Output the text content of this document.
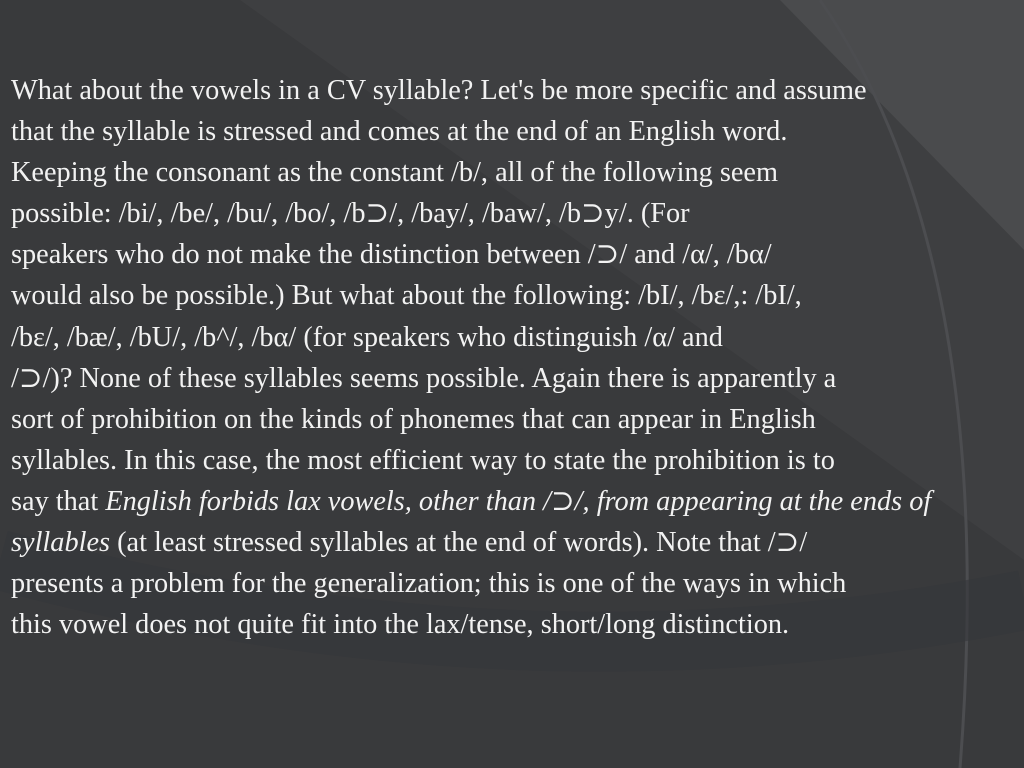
What about the vowels in a CV syllable? Let's be more specific and assume
that the syllable is stressed and comes at the end of an English word.
Keeping the consonant as the constant /b/, all of the following seem
possible: /bi/, /be/, /bu/, /bo/, /b⊃/, /bay/, /baw/, /b⊃y/. (For
speakers who do not make the distinction between /⊃/ and /α/, /bα/
would also be possible.) But what about the following: /bI/, /bɛ/,: /bI/,
/bɛ/, /bæ/, /bU/, /b^/, /bα/ (for speakers who distinguish /α/ and
/⊃/)? None of these syllables seems possible. Again there is apparently a
sort of prohibition on the kinds of phonemes that can appear in English
syllables. In this case, the most efficient way to state the prohibition is to
say that English forbids lax vowels, other than /⊃/, from appearing at the ends of
syllables (at least stressed syllables at the end of words). Note that /⊃/
presents a problem for the generalization; this is one of the ways in which
this vowel does not quite fit into the lax/tense, short/long distinction.
